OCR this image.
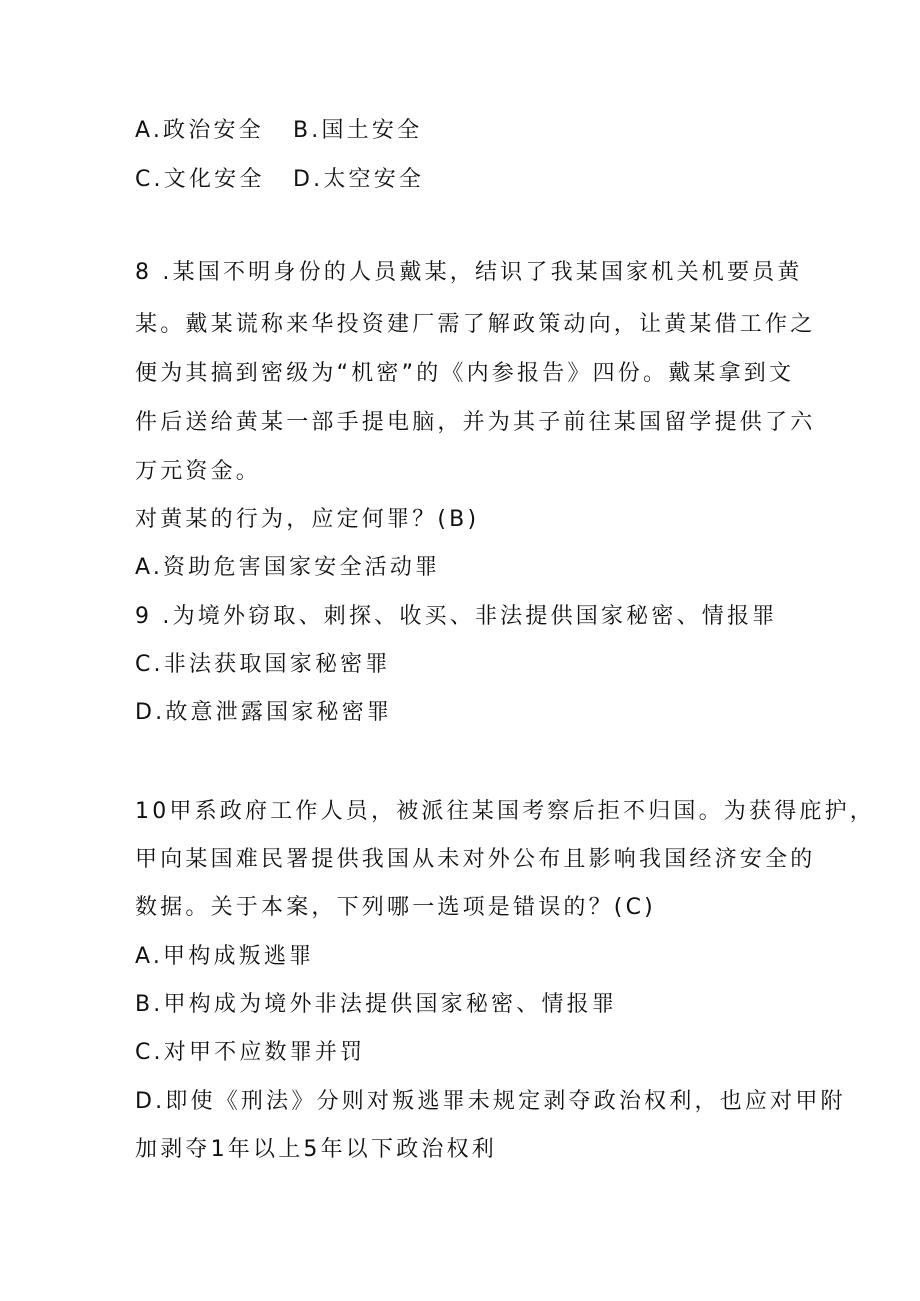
A.政治安全 B.国土安全
C.文化安全 D.太空安全
8 .某国不明身份的人员戴某，结识了我某国家机关机要员黄
某。戴某谎称来华投资建厂需了解政策动向，让黄某借工作之
便为其搞到密级为“机密”的《内参报告》四份。戴某拿到文
件后送给黄某一部手提电脑，并为其子前往某国留学提供了六
万元资金。
对黄某的行为，应定何罪？(B)
A.资助危害国家安全活动罪
9 .为境外窃取、刺探、收买、非法提供国家秘密、情报罪
C.非法获取国家秘密罪
D.故意泄露国家秘密罪
10甲系政府工作人员，被派往某国考察后拒不归国。为获得庇护，
甲向某国难民署提供我国从未对外公布且影响我国经济安全的
数据。关于本案，下列哪一选项是错误的？(C)
A.甲构成叛逃罪
B.甲构成为境外非法提供国家秘密、情报罪
C.对甲不应数罪并罚
D.即使《刑法》分则对叛逃罪未规定剥夺政治权利，也应对甲附
加剥夺1年以上5年以下政治权利
